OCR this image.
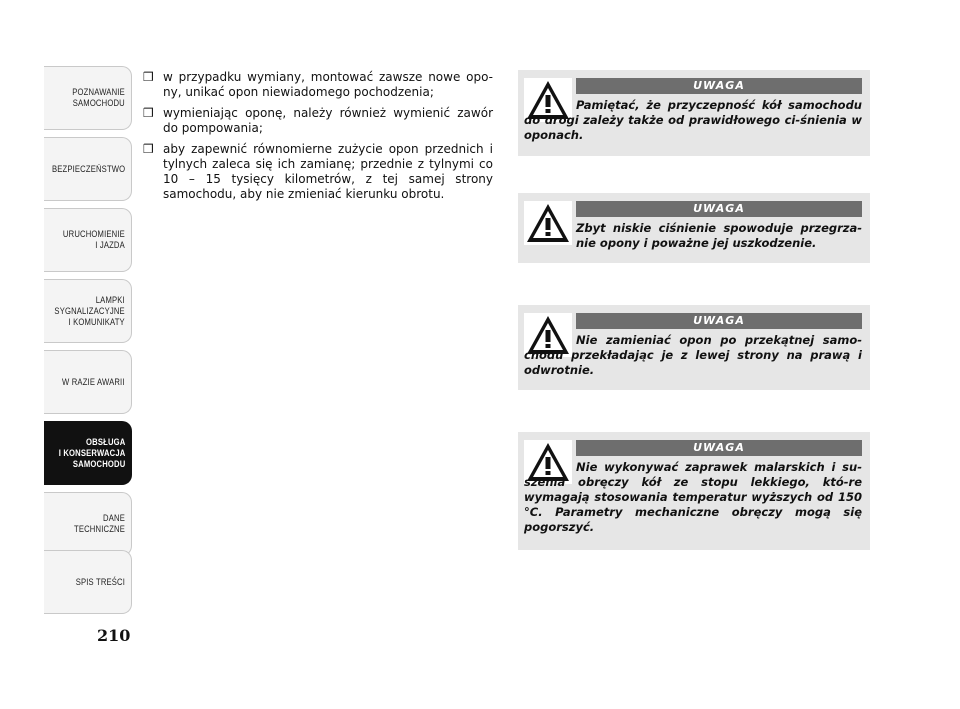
POZNAWANIE
SAMOCHODU
BEZPIECZEŃSTWO
URUCHOMIENIE
I JAZDA
LAMPKI
SYGNALIZACYJNE
I KOMUNIKATY
W RAZIE AWARII
OBSŁUGA
I KONSERWACJA
SAMOCHODU
DANE
TECHNICZNE
SPIS TREŚCI
210
❒ w przypadku wymiany, montować zawsze nowe opo-ny, unikać opon niewiadomego pochodzenia;
❒ wymieniając oponę, należy również wymienić zawór do pompowania;
❒ aby zapewnić równomierne zużycie opon przednich i tylnych zaleca się ich zamianę; przednie z tylnymi co 10 – 15 tysięcy kilometrów, z tej samej strony samochodu, aby nie zmieniać kierunku obrotu.
UWAGA
Pamiętać, że przyczepność kół samochodu do drogi zależy także od prawidłowego ci-śnienia w oponach.
UWAGA
Zbyt niskie ciśnienie spowoduje przegrza-nie opony i poważne jej uszkodzenie.
UWAGA
Nie zamieniać opon po przekątnej samo-chodu przekładając je z lewej strony na prawą i odwrotnie.
UWAGA
Nie wykonywać zaprawek malarskich i su-szenia obręczy kół ze stopu lekkiego, któ-re wymagają stosowania temperatur wyższych od 150 °C. Parametry mechaniczne obręczy mogą się pogorszyć.
